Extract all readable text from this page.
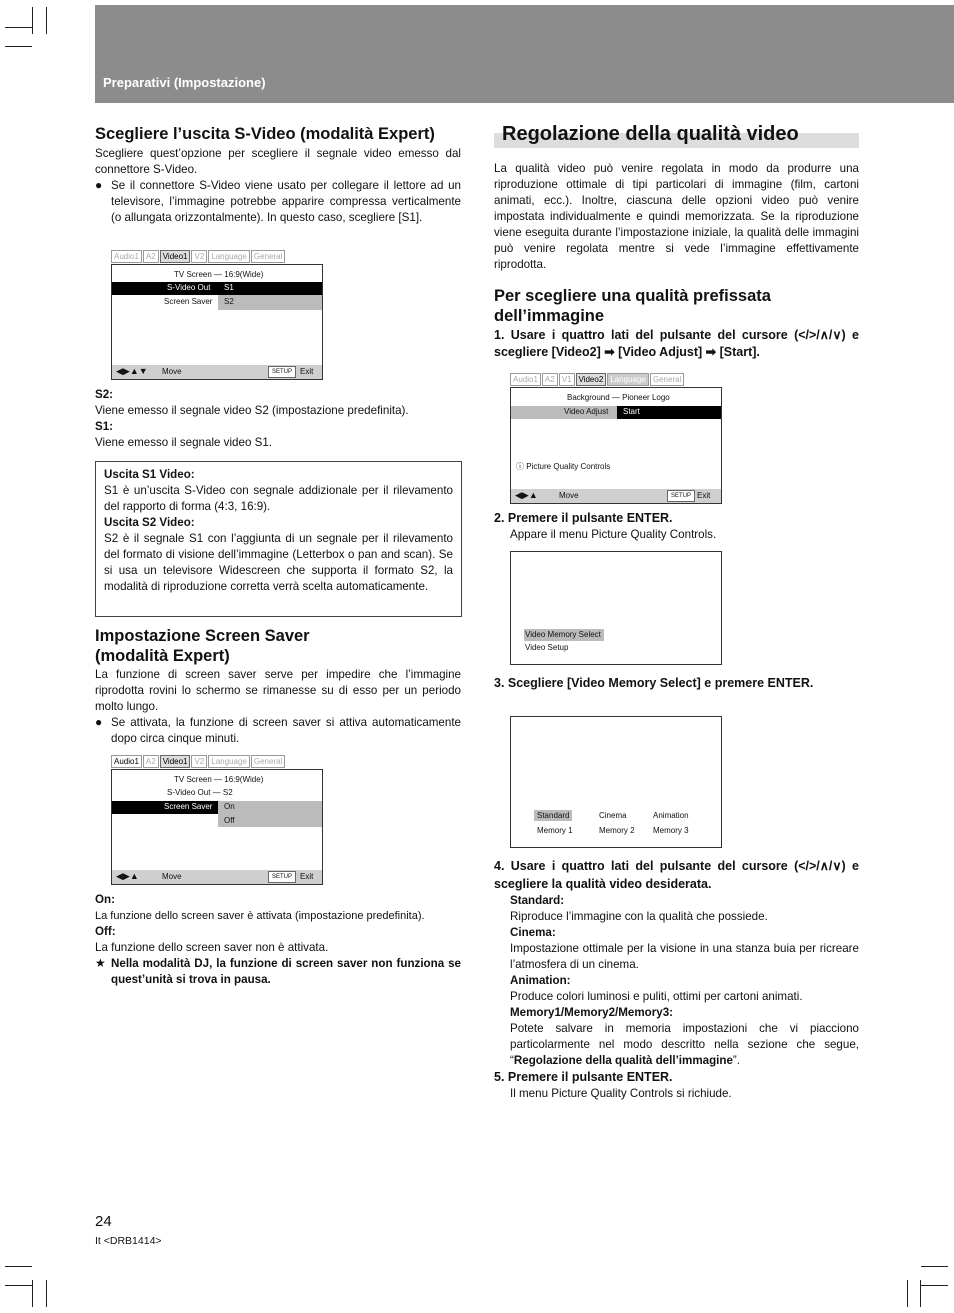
Preparativi (Impostazione)
Scegliere l’uscita S-Video (modalità Expert)

Scegliere quest’opzione per scegliere il segnale video emesso dal connettore S-Video.

● Se il connettore S-Video viene usato per collegare il lettore ad un televisore, l’immagine potrebbe apparire compressa verticalmente (o allungata orizzontalmente). In questo caso, scegliere [S1].

Audio1 A2 Video1 V2 Language General
TV Screen — 16:9(Wide)
S-Video Out S1
Screen Saver S2
◀▶▲▼ Move	SETUP Exit

S2:

Viene emesso il segnale video S2 (impostazione predefinita).

S1:

Viene emesso il segnale video S1.

Uscita S1 Video:

S1 è un’uscita S-Video con segnale addizionale per il rilevamento del rapporto di forma (4:3, 16:9).

Uscita S2 Video:

S2 è il segnale S1 con l’aggiunta di un segnale per il rilevamento del formato di visione dell’immagine (Letterbox o pan and scan). Se si usa un televisore Widescreen che supporta il formato S2, la modalità di riproduzione corretta verrà scelta automaticamente.

Impostazione Screen Saver
(modalità Expert)

La funzione di screen saver serve per impedire che l’immagine riprodotta rovini lo schermo se rimanesse su di esso per un periodo molto lungo.

● Se attivata, la funzione di screen saver si attiva automaticamente dopo circa cinque minuti.

Audio1 A2 Video1 V2 Language General
TV Screen — 16:9(Wide)
S-Video Out — S2
Screen Saver On
Off
◀▶▲	Move	SETUP Exit

On:

La funzione dello screen saver è attivata (impostazione predefinita).

Off:

La funzione dello screen saver non è attivata.

★ Nella modalità DJ, la funzione di screen saver non funziona se quest’unità si trova in pausa.

Regolazione della qualità video

La qualità video può venire regolata in modo da produrre una riproduzione ottimale di tipi particolari di immagine (film, cartoni animati, ecc.). Inoltre, ciascuna delle opzioni video può venire impostata individualmente e quindi memorizzata. Se la riproduzione viene eseguita durante l’impostazione iniziale, la qualità delle immagini può venire regolata mentre si vede l’immagine effettivamente riprodotta.

Per scegliere una qualità prefissata
dell’immagine

1. Usare i quattro lati del pulsante del cursore (</>/∧/∨) e scegliere [Video2] ➡ [Video Adjust] ➡ [Start].

Audio1 A2 V1 Video2 Language General
Background — Pioneer Logo
Video Adjust Start
ⓘ Picture Quality Controls
◀▶▲	Move	SETUP Exit

2. Premere il pulsante ENTER.

Appare il menu Picture Quality Controls.

Video Memory Select
Video Setup

3. Scegliere [Video Memory Select] e premere ENTER.

Standard	Cinema	Animation
Memory 1	Memory 2 Memory 3

4. Usare i quattro lati del pulsante del cursore (</>/∧/∨) e scegliere la qualità video desiderata.

Standard:

Riproduce l’immagine con la qualità che possiede.

Cinema:

Impostazione ottimale per la visione in una stanza buia per ricreare l’atmosfera di un cinema.

Animation:

Produce colori luminosi e puliti, ottimi per cartoni animati.

Memory1/Memory2/Memory3:

Potete salvare in memoria impostazioni che vi piacciono particolarmente nel modo descritto nella sezione che segue, “Regolazione della qualità dell’immagine”.

5. Premere il pulsante ENTER.

Il menu Picture Quality Controls si richiude.

24
It <DRB1414>
